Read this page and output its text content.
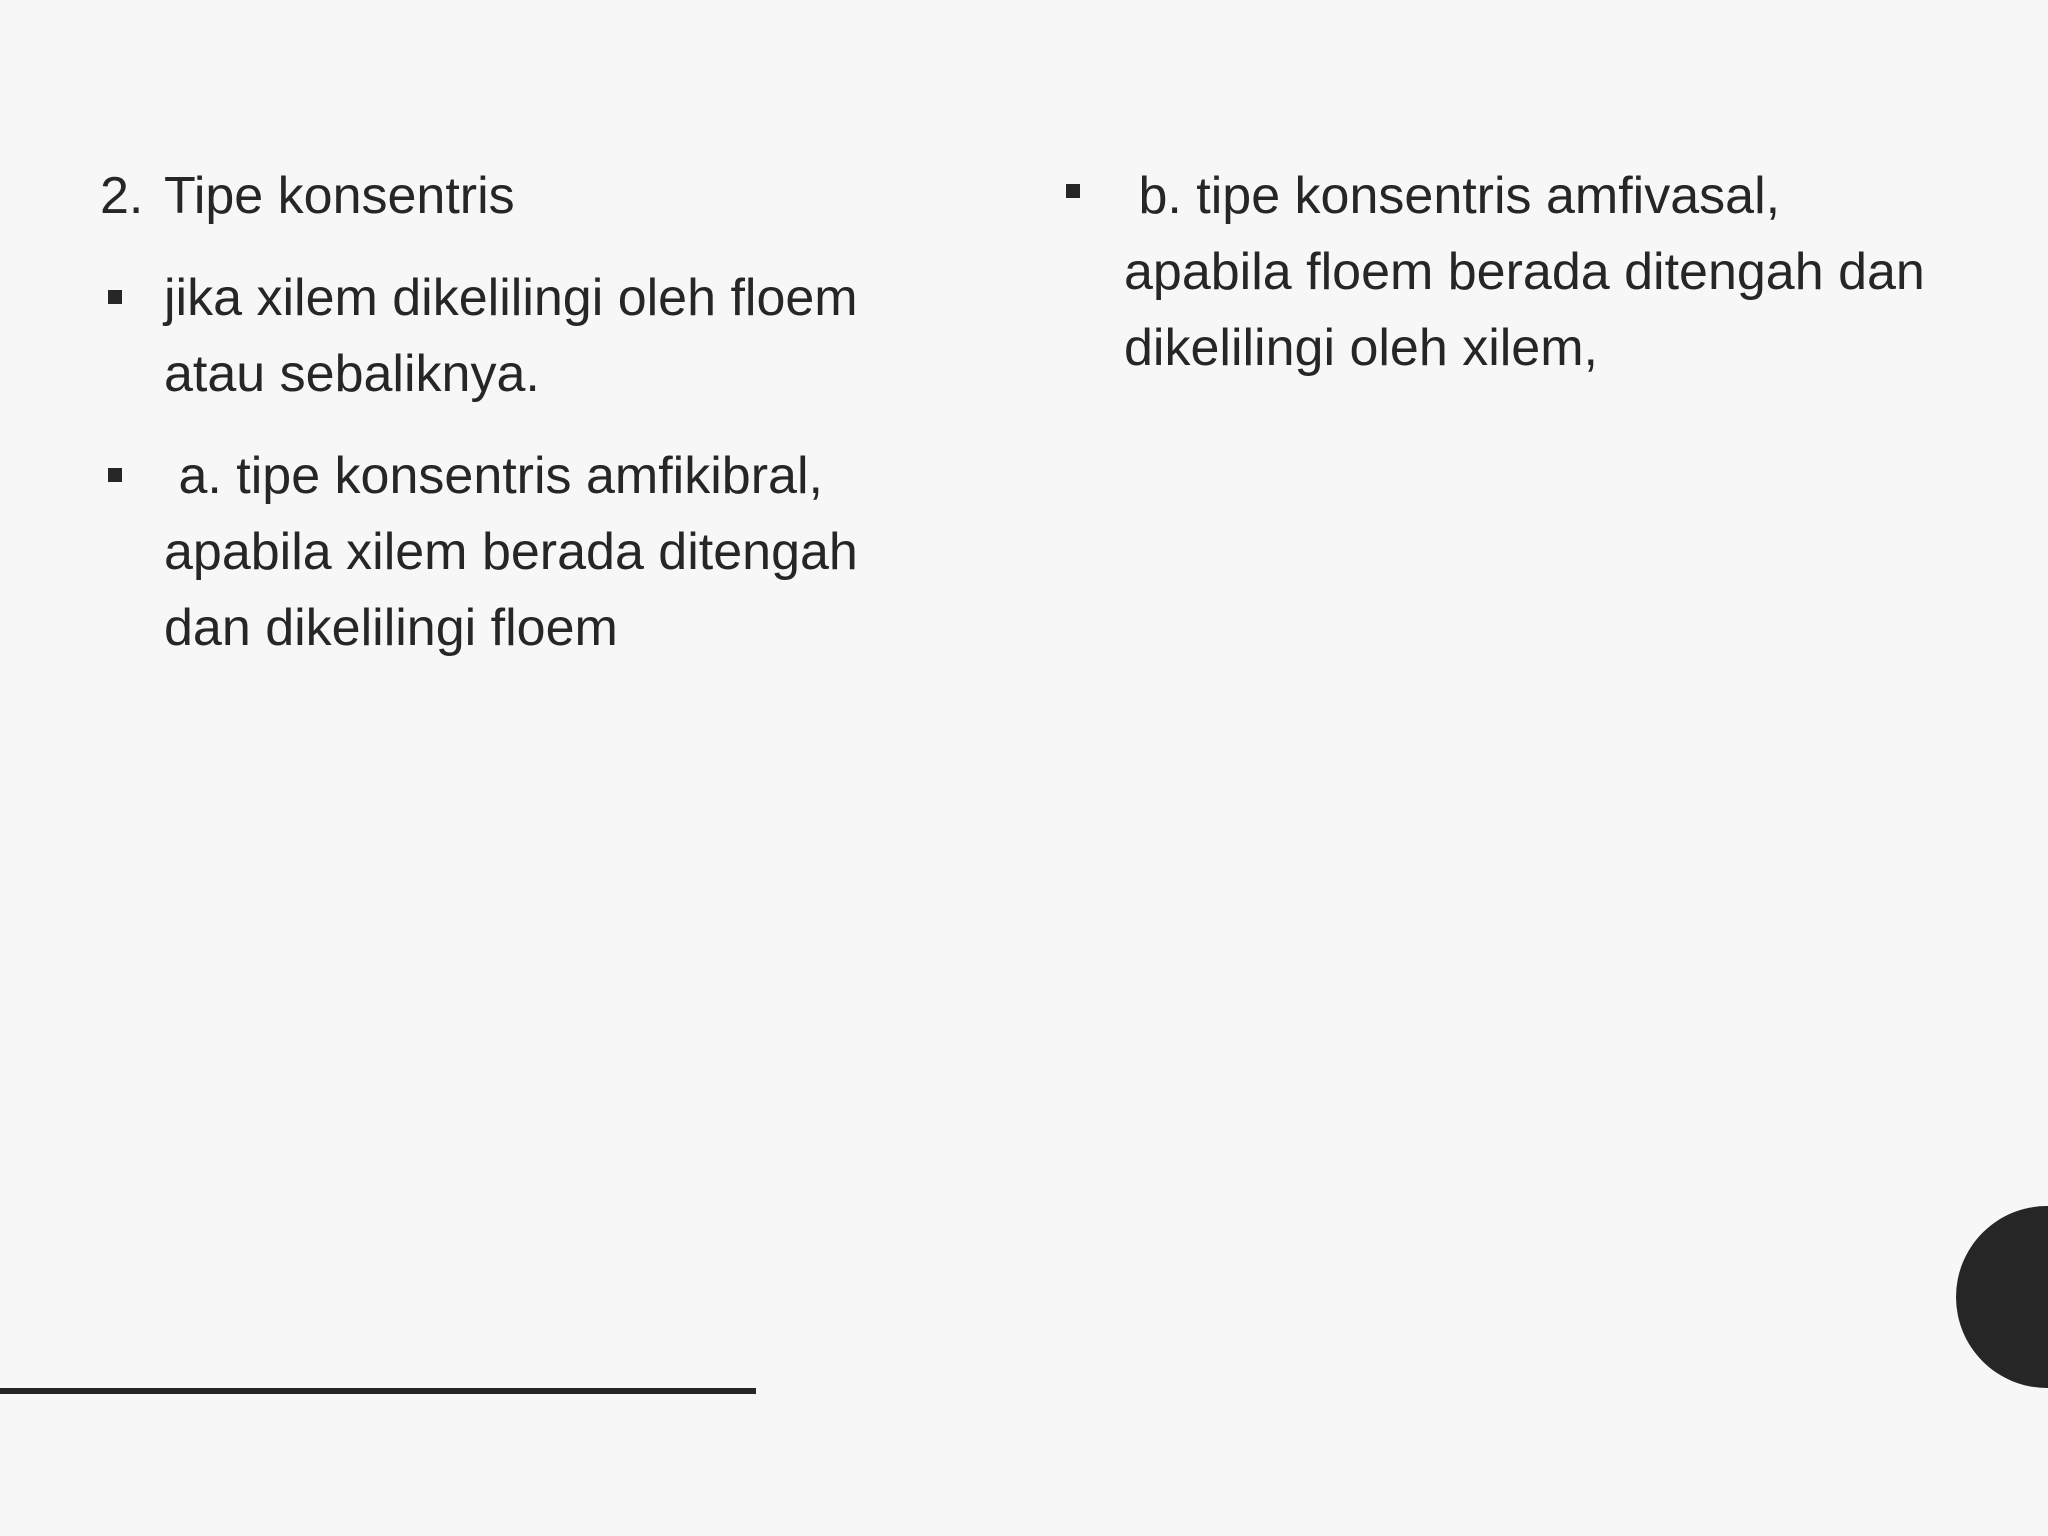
2. Tipe konsentris
jika xilem dikelilingi oleh floem atau sebaliknya.
a. tipe konsentris amfikibral, apabila xilem berada ditengah dan dikelilingi floem
b. tipe konsentris amfivasal, apabila floem berada ditengah dan dikelilingi oleh xilem,
